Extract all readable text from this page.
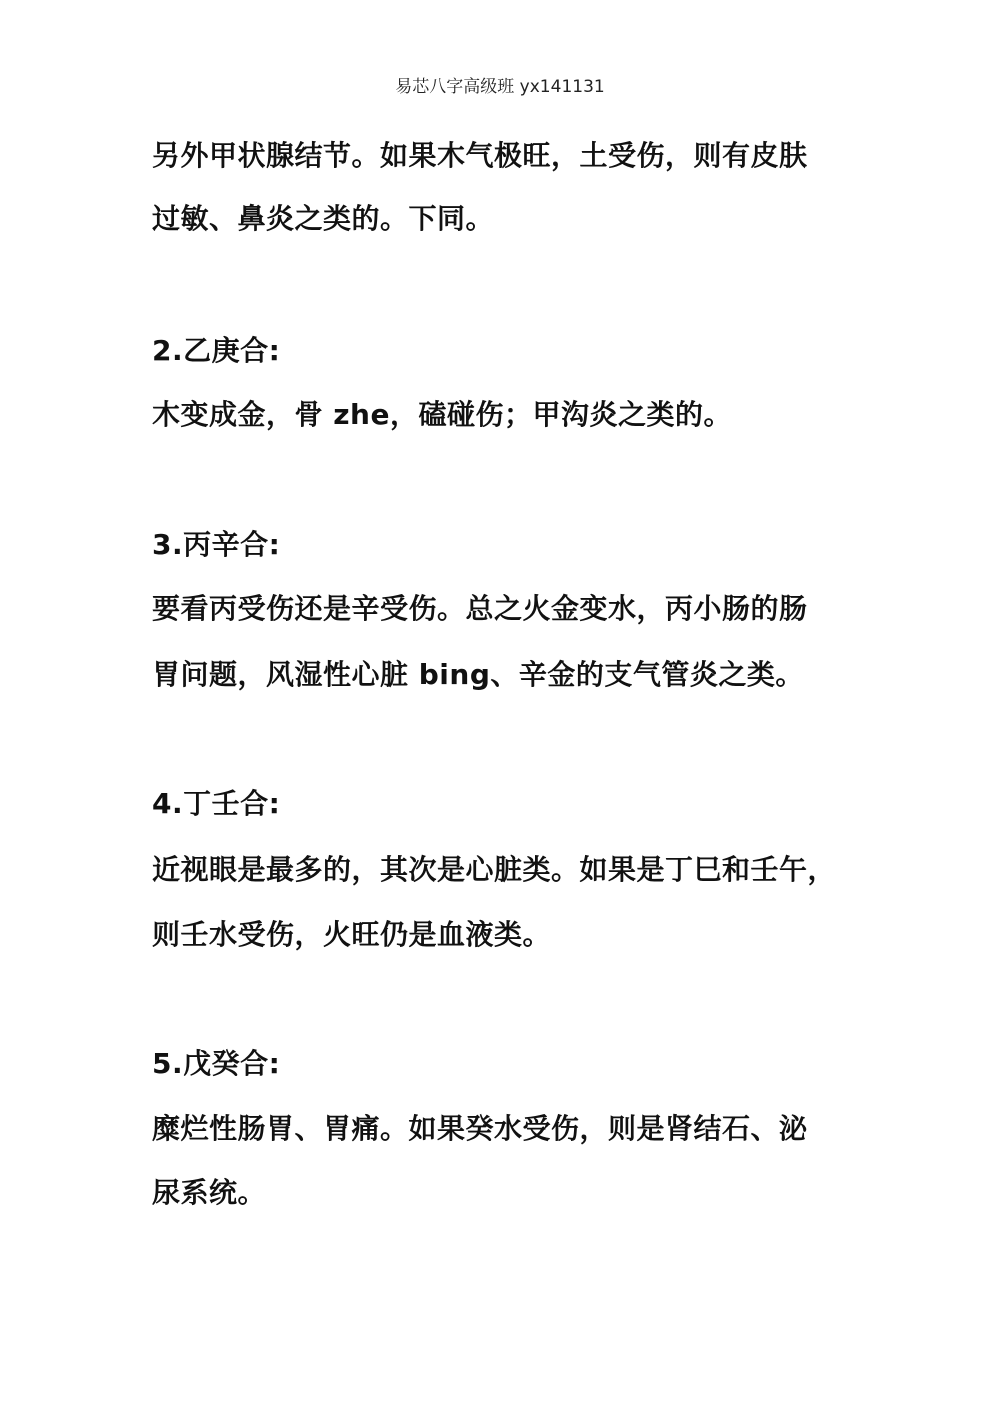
易芯八字高级班 yx141131
另外甲状腺结节。如果木气极旺，土受伤，则有皮肤
过敏、鼻炎之类的。下同。
2.乙庚合:
木变成金，骨 zhe，磕碰伤；甲沟炎之类的。
3.丙辛合:
要看丙受伤还是辛受伤。总之火金变水，丙小肠的肠
胃问题，风湿性心脏 bing、辛金的支气管炎之类。
4.丁壬合:
近视眼是最多的，其次是心脏类。如果是丁巳和壬午，
则壬水受伤，火旺仍是血液类。
5.戊癸合:
糜烂性肠胃、胃痛。如果癸水受伤，则是肾结石、泌
尿系统。
